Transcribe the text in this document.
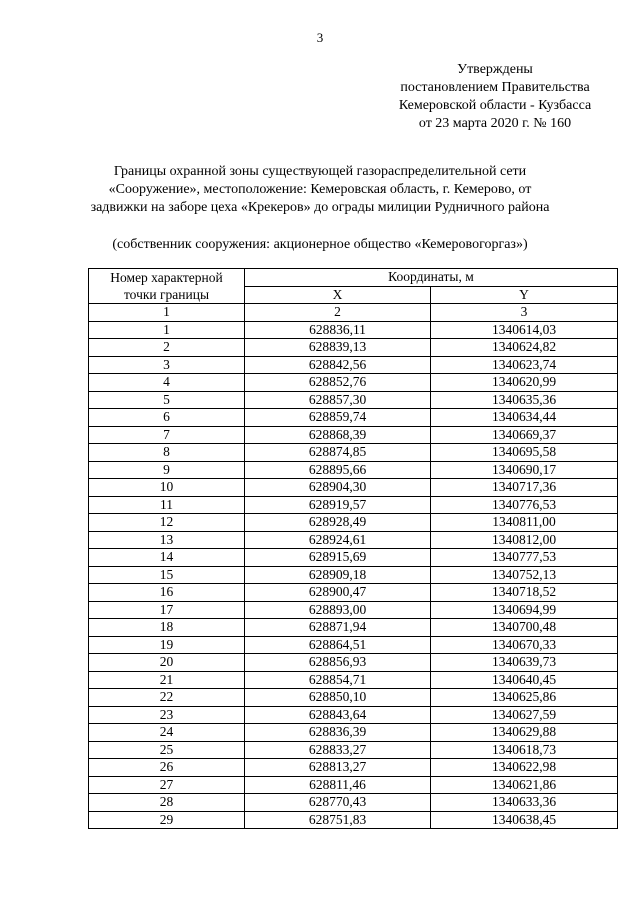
3
Утверждены
постановлением Правительства
Кемеровской области - Кузбасса
от 23 марта 2020 г. № 160
Границы охранной зоны существующей газораспределительной сети
«Сооружение», местоположение: Кемеровская область, г. Кемерово, от
задвижки на заборе цеха «Крекеров» до ограды милиции Рудничного района
(собственник сооружения: акционерное общество «Кемеровогоргаз»)
Номер характерной
точки границы	Координаты, м	
	X	Y
1	2	3
1	628836,11	1340614,03
2	628839,13	1340624,82
3	628842,56	1340623,74
4	628852,76	1340620,99
5	628857,30	1340635,36
6	628859,74	1340634,44
7	628868,39	1340669,37
8	628874,85	1340695,58
9	628895,66	1340690,17
10	628904,30	1340717,36
11	628919,57	1340776,53
12	628928,49	1340811,00
13	628924,61	1340812,00
14	628915,69	1340777,53
15	628909,18	1340752,13
16	628900,47	1340718,52
17	628893,00	1340694,99
18	628871,94	1340700,48
19	628864,51	1340670,33
20	628856,93	1340639,73
21	628854,71	1340640,45
22	628850,10	1340625,86
23	628843,64	1340627,59
24	628836,39	1340629,88
25	628833,27	1340618,73
26	628813,27	1340622,98
27	628811,46	1340621,86
28	628770,43	1340633,36
29	628751,83	1340638,45
